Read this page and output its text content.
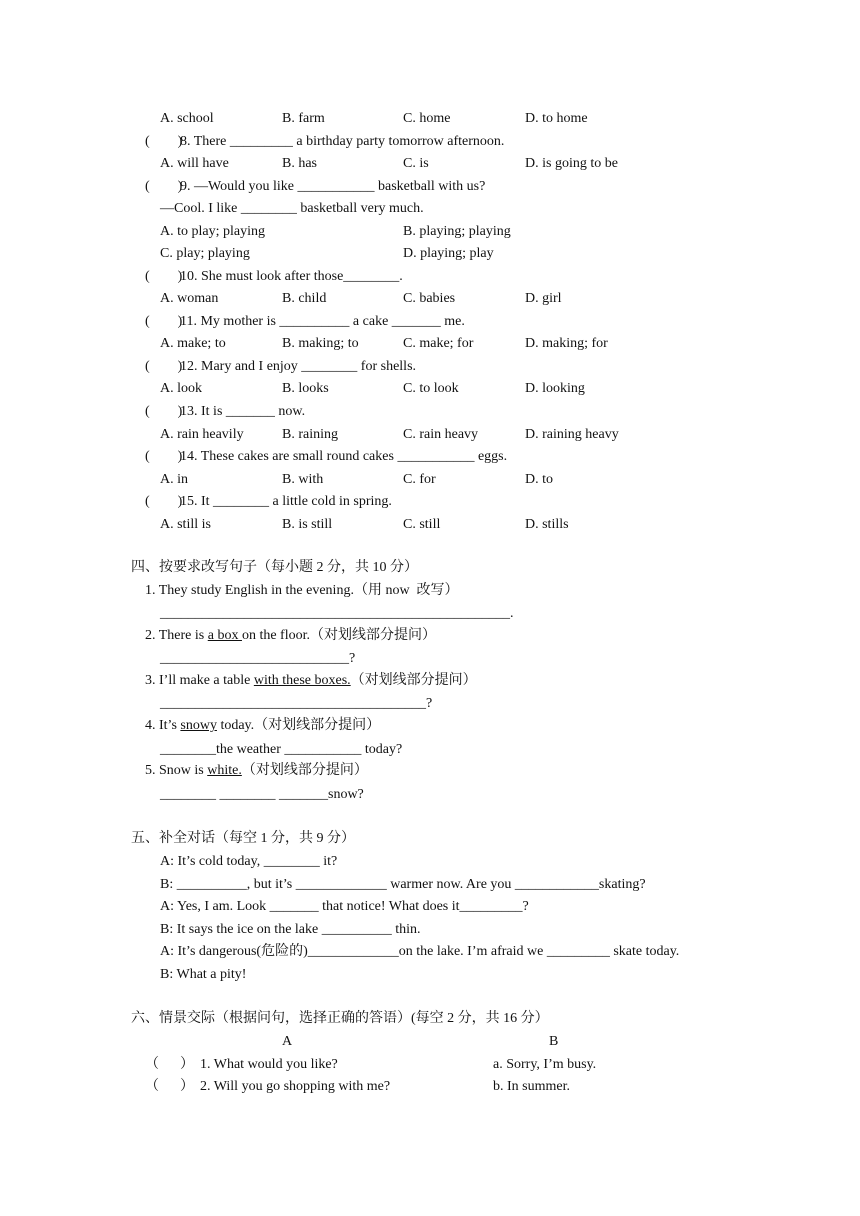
A. school	B. farm	C. home	D. to home
(        )
8. There _________ a birthday party tomorrow afternoon.
A. will have	B. has	C. is	D. is going to be
(        )
9. —Would you like ___________ basketball with us?
—Cool. I like ________ basketball very much.
A. to play; playing	B. playing; playing
C. play; playing	D. playing; play
(        )
10. She must look after those________.
A. woman	B. child	C. babies	D. girl
(        )
11. My mother is __________ a cake _______ me.
A. make; to	B. making; to	C. make; for	D. making; for
(        )
12. Mary and I enjoy ________ for shells.
A. look	B. looks	C. to look	D. looking
(        )
13. It is _______ now.
A. rain heavily	B. raining	C. rain heavy	D. raining heavy
(        )
14. These cakes are small round cakes ___________ eggs.
A. in	B. with	C. for	D. to
(        )
15. It ________ a little cold in spring.
A. still is	B. is still	C. still	D. stills
四、按要求改写句子（每小题 2 分，共 10 分）
1. They study English in the evening.（用 now  改写）
__________________________________________________.
2. There is a box on the floor.（对划线部分提问）
___________________________?
3. I’ll make a table with these boxes.（对划线部分提问）
______________________________________?
4. It’s snowy today.（对划线部分提问）
________the weather ___________ today?
5. Snow is white.（对划线部分提问）
________ ________ _______snow?
五、补全对话（每空 1 分，共 9 分）
A: It’s cold today, ________ it?
B: __________, but it’s _____________ warmer now. Are you ____________skating?
A: Yes, I am. Look _______ that notice! What does it_________?
B: It says the ice on the lake __________ thin.
A: It’s dangerous(危险的)_____________on the lake. I’m afraid we _________ skate today.
B: What a pity!
六、情景交际（根据问句，选择正确的答语）(每空 2 分，共 16 分）
A	B
（      ） 1. What would you like?	a. Sorry, I’m busy.
（      ） 2. Will you go shopping with me?	b. In summer.
